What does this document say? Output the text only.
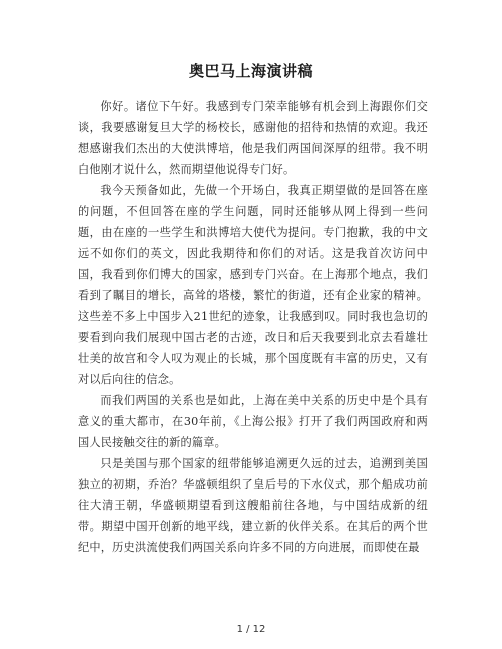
奥巴马上海演讲稿

你好。诸位下午好。我感到专门荣幸能够有机会到上海跟你们交谈，我要感谢复旦大学的杨校长，感谢他的招待和热情的欢迎。我还想感谢我们杰出的大使洪博培，他是我们两国间深厚的纽带。我不明白他刚才说什么，然而期望他说得专门好。

我今天预备如此，先做一个开场白，我真正期望做的是回答在座的问题，不但回答在座的学生问题，同时还能够从网上得到一些问题，由在座的一些学生和洪博培大使代为提问。专门抱歉，我的中文远不如你们的英文，因此我期待和你们的对话。这是我首次访问中国，我看到你们博大的国家，感到专门兴奋。在上海那个地点，我们看到了瞩目的增长，高耸的塔楼，繁忙的街道，还有企业家的精神。这些差不多上中国步入21世纪的迹象，让我感到叹。同时我也急切的要看到向我们展现中国古老的古迹，改日和后天我要到北京去看雄壮壮美的故宫和令人叹为观止的长城，那个国度既有丰富的历史，又有对以后向往的信念。

而我们两国的关系也是如此，上海在美中关系的历史中是个具有意义的重大都市，在30年前，《上海公报》打开了我们两国政府和两国人民接触交往的新的篇章。

只是美国与那个国家的纽带能够追溯更久远的过去，追溯到美国独立的初期，乔治？华盛顿组织了皇后号的下水仪式，那个船成功前往大清王朝，华盛顿期望看到这艘船前往各地，与中国结成新的纽带。期望中国开创新的地平线，建立新的伙伴关系。在其后的两个世纪中，历史洪流使我们两国关系向许多不同的方向进展，而即使在最

1 / 12
